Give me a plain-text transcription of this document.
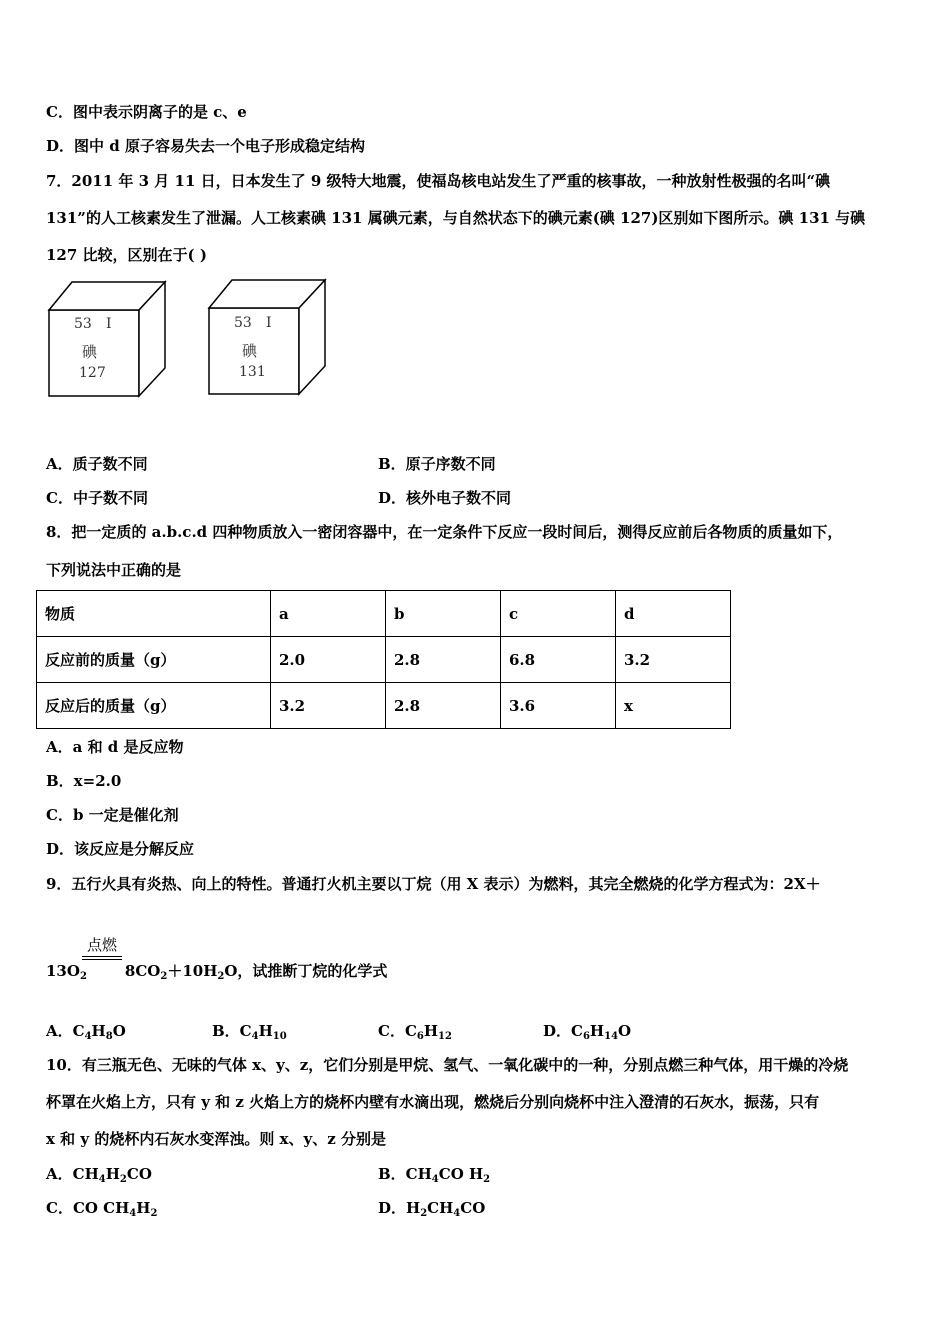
C．图中表示阴离子的是 c、e
D．图中 d 原子容易失去一个电子形成稳定结构
7．2011 年 3 月 11 日，日本发生了 9 级特大地震，使福岛核电站发生了严重的核事故，一种放射性极强的名叫“碘
131”的人工核素发生了泄漏。人工核素碘 131 属碘元素，与自然状态下的碘元素(碘 127)区别如下图所示。碘 131 与碘
127 比较，区别在于( )
53 I
碘
127
53 I
碘
131
A．质子数不同	B．原子序数不同
C．中子数不同	D．核外电子数不同
8．把一定质的 a.b.c.d 四种物质放入一密闭容器中，在一定条件下反应一段时间后，测得反应前后各物质的质量如下，
下列说法中正确的是
物质	a	b	c	d
反应前的质量（g）	2.0	2.8	6.8	3.2
反应后的质量（g）	3.2	2.8	3.6	x
A．a 和 d 是反应物
B．x=2.0
C．b 一定是催化剂
D．该反应是分解反应
9．五行火具有炎热、向上的特性。普通打火机主要以丁烷（用 X 表示）为燃料，其完全燃烧的化学方程式为：2X＋
点燃
$13O_2$	$8CO_2+10H_2O$，试推断丁烷的化学式
A．$C_4H_8O$	B．$C_4H_{10}$	C．$C_6H_{12}$	D．$C_6H_{14}O$
10．有三瓶无色、无味的气体 x、y、z，它们分别是甲烷、氢气、一氧化碳中的一种，分别点燃三种气体，用干燥的冷烧
杯罩在火焰上方，只有 y 和 z 火焰上方的烧杯内壁有水滴出现，燃烧后分别向烧杯中注入澄清的石灰水，振荡，只有
x 和 y 的烧杯内石灰水变浑浊。则 x、y、z 分别是
A．$CH_4H_2CO$	B．$CH_4CO$ $H_2$
C．CO $CH_4H_2$	D．$H_2CH_4CO$
